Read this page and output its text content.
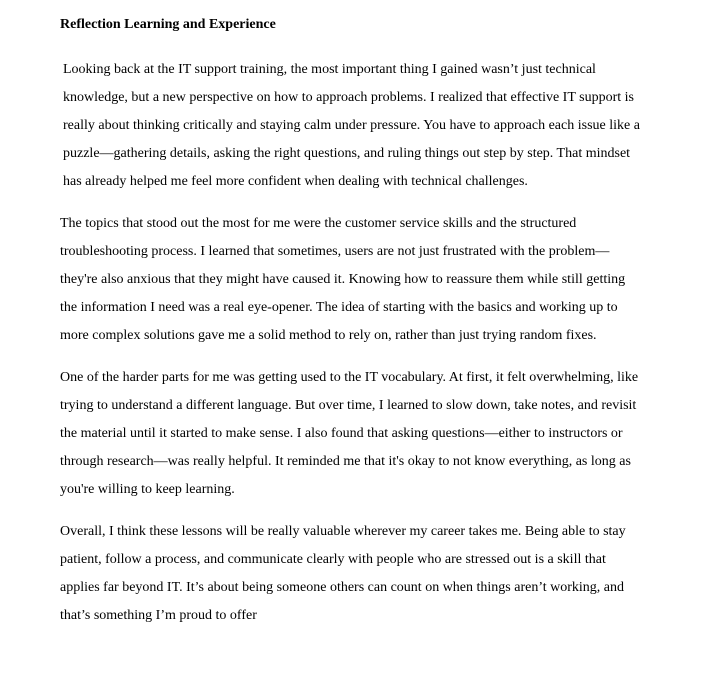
Reflection Learning and Experience

Looking back at the IT support training, the most important thing I gained wasn’t just technical knowledge, but a new perspective on how to approach problems. I realized that effective IT support is really about thinking critically and staying calm under pressure. You have to approach each issue like a puzzle—gathering details, asking the right questions, and ruling things out step by step. That mindset has already helped me feel more confident when dealing with technical challenges.

The topics that stood out the most for me were the customer service skills and the structured troubleshooting process. I learned that sometimes, users are not just frustrated with the problem—they're also anxious that they might have caused it. Knowing how to reassure them while still getting the information I need was a real eye-opener. The idea of starting with the basics and working up to more complex solutions gave me a solid method to rely on, rather than just trying random fixes.

One of the harder parts for me was getting used to the IT vocabulary. At first, it felt overwhelming, like trying to understand a different language. But over time, I learned to slow down, take notes, and revisit the material until it started to make sense. I also found that asking questions—either to instructors or through research—was really helpful. It reminded me that it's okay to not know everything, as long as you're willing to keep learning.

Overall, I think these lessons will be really valuable wherever my career takes me. Being able to stay patient, follow a process, and communicate clearly with people who are stressed out is a skill that applies far beyond IT. It’s about being someone others can count on when things aren’t working, and that’s something I’m proud to offer
